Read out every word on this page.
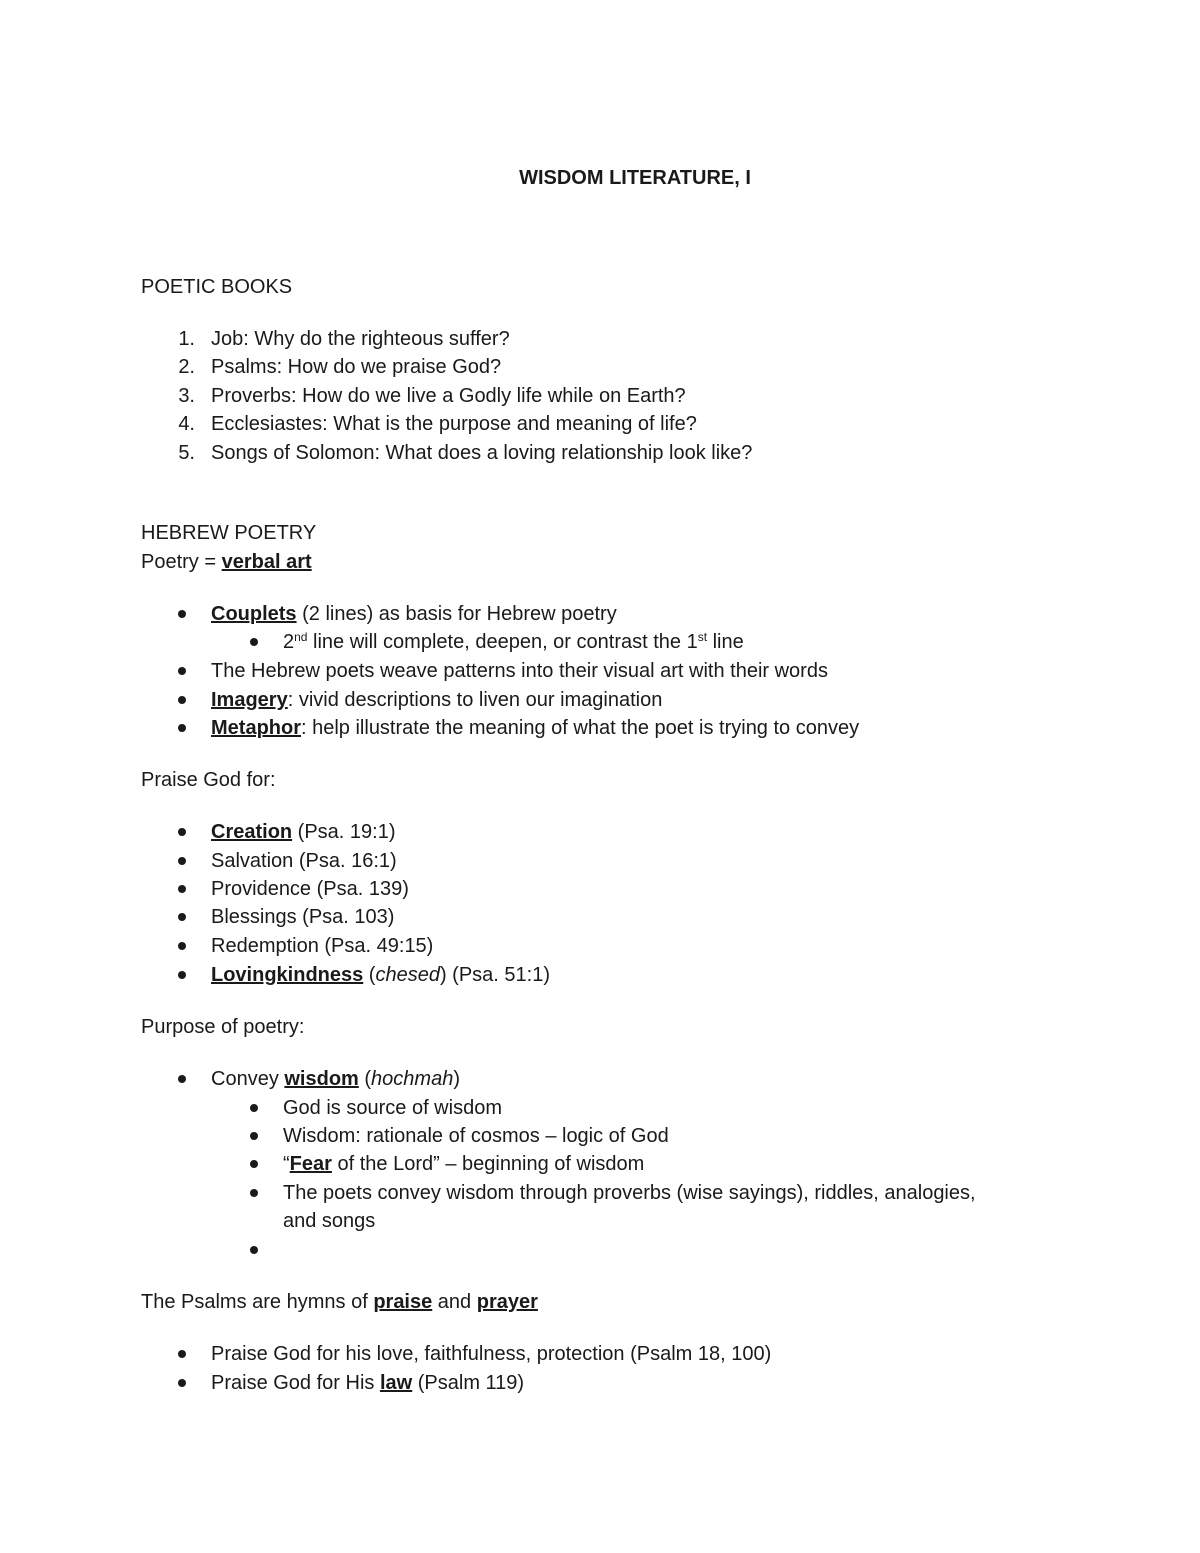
WISDOM LITERATURE, I
POETIC BOOKS
1. Job: Why do the righteous suffer?
2. Psalms: How do we praise God?
3. Proverbs: How do we live a Godly life while on Earth?
4. Ecclesiastes: What is the purpose and meaning of life?
5. Songs of Solomon: What does a loving relationship look like?
HEBREW POETRY
Poetry = verbal art
Couplets (2 lines) as basis for Hebrew poetry
2nd line will complete, deepen, or contrast the 1st line
The Hebrew poets weave patterns into their visual art with their words
Imagery: vivid descriptions to liven our imagination
Metaphor: help illustrate the meaning of what the poet is trying to convey
Praise God for:
Creation (Psa. 19:1)
Salvation (Psa. 16:1)
Providence (Psa. 139)
Blessings (Psa. 103)
Redemption (Psa. 49:15)
Lovingkindness (chesed) (Psa. 51:1)
Purpose of poetry:
Convey wisdom (hochmah)
God is source of wisdom
Wisdom: rationale of cosmos – logic of God
“Fear of the Lord” – beginning of wisdom
The poets convey wisdom through proverbs (wise sayings), riddles, analogies,
and songs
The Psalms are hymns of praise and prayer
Praise God for his love, faithfulness, protection (Psalm 18, 100)
Praise God for His law (Psalm 119)
